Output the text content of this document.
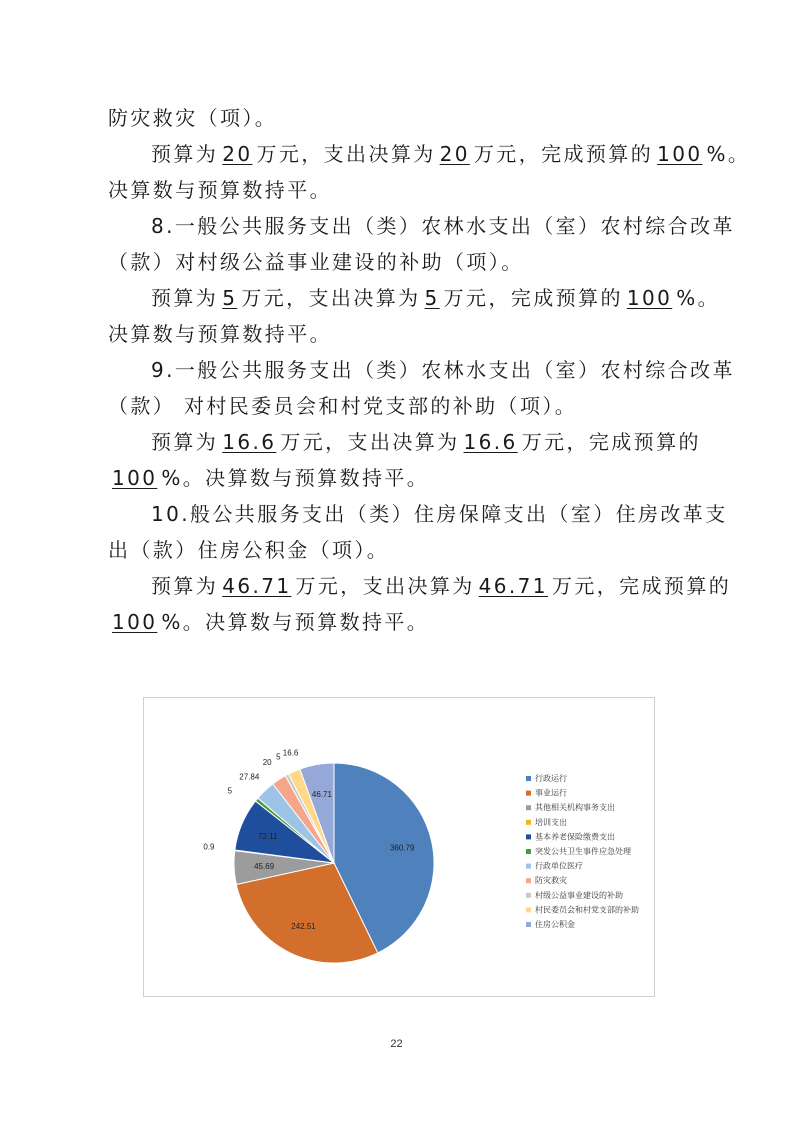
防灾救灾（项）。
预算为 20 万元，支出决算为 20 万元，完成预算的 100 %。
决算数与预算数持平。
8.一般公共服务支出（类）农林水支出（室）农村综合改革
（款）对村级公益事业建设的补助（项）。
预算为 5 万元，支出决算为 5 万元，完成预算的 100 %。
决算数与预算数持平。
9.一般公共服务支出（类）农林水支出（室）农村综合改革
（款） 对村民委员会和村党支部的补助（项）。
预算为 16.6 万元，支出决算为 16.6 万元，完成预算的
100 %。决算数与预算数持平。
10.般公共服务支出（类）住房保障支出（室）住房改革支
出（款）住房公积金（项）。
预算为 46.71 万元，支出决算为 46.71 万元，完成预算的
100 %。决算数与预算数持平。
360.79
242.51
45.69
0.9
72.11
5
27.84
20
5 16.6
46.71
行政运行
事业运行
其他相关机构事务支出
培训支出
基本养老保险缴费支出
突发公共卫生事件应急处理
行政单位医疗
防灾救灾
村级公益事业建设的补助
村民委员会和村党支部的补助
住房公积金
22
